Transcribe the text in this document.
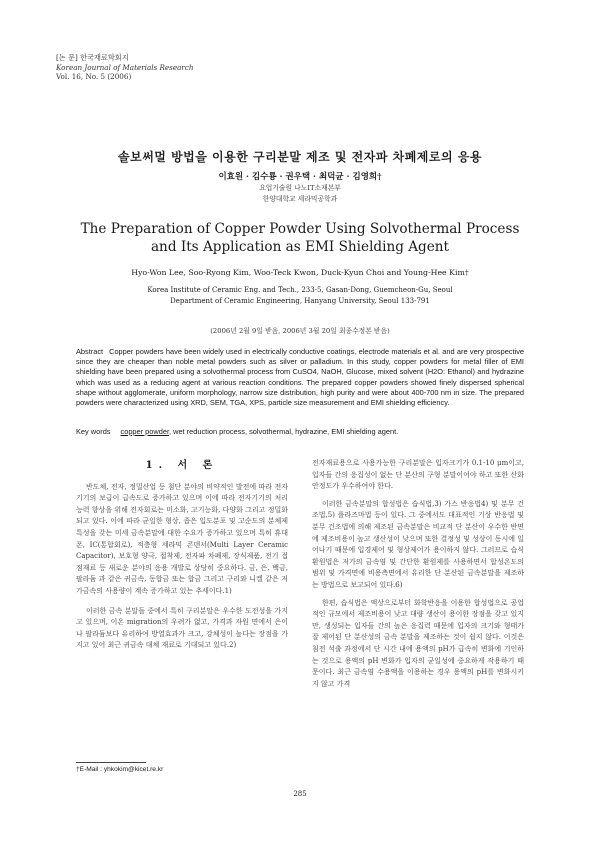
[논 문] 한국재료학회지
Korean Journal of Materials Research
Vol. 16, No. 5 (2006)
솔보써멀 방법을 이용한 구리분말 제조 및 전자파 차폐제로의 응용
이효원 · 김수룡 · 권우택 · 최덕균 · 김영희†
요업기술원 나노IT소재본부
한양대학교 세라믹공학과
The Preparation of Copper Powder Using Solvothermal Process
and Its Application as EMI Shielding Agent
Hyo-Won Lee, Soo-Ryong Kim, Woo-Teck Kwon, Duck-Kyun Choi and Young-Hee Kim†
Korea Institute of Ceramic Eng. and Tech., 233-5, Gasan-Dong, Guemcheon-Gu, Seoul
Department of Ceramic Engineering, Hanyang University, Seoul 133-791
(2006년 2월 9일 받음, 2006년 3월 20일 최종수정본 받음)
Abstract Copper powders have been widely used in electrically conductive coatings, electrode materials et al. and are very prospective since they are cheaper than noble metal powders such as silver or palladium. In this study, copper powders for metal filler of EMI shielding have been prepared using a solvothermal process from CuSO4, NaOH, Glucose, mixed solvent (H2O: Ethanol) and hydrazine which was used as a reducing agent at various reaction conditions. The prepared copper powders showed finely dispersed spherical shape without agglomerate, uniform morphology, narrow size distribution, high purity and were about 400-700 nm in size. The prepared powders were characterized using XRD, SEM, TGA, XPS, particle size measurement and EMI shielding efficiency.
Key words copper powder, wet reduction process, solvothermal, hydrazine, EMI shielding agent.
1. 서 론

반도체, 전자, 정밀산업 등 첨단 분야의 비약적인 발전에 따라 전자기기의 보급이 급속도로 증가하고 있으며 이에 따라 전자기기의 처리능력 향상을 위해 전자회로는 미소화, 고기능화, 다양화 그리고 정밀화되고 있다. 이에 따라 균일한 형상, 좁은 입도분포 및 고순도의 분체제 특성을 갖는 미세 금속분말에 대한 수요가 증가하고 있으며 특히 휴대폰, IC(통합회로), 적층형 세라믹 콘덴서(Multi Layer Ceramic Capacitor), 보호형 양극, 접착제, 전자파 차폐제, 장식제품, 전기 접점재료 등 새로운 분야의 응용 개발로 상당히 중요하다. 금, 은, 백금, 팔라듐 과 같은 귀금속, 동합금 또는 합금 그리고 구리와 니켈 같은 저가금속의 사용량이 계속 증가하고 있는 추세이다.1)

이러한 금속 분말들 중에서 특히 구리분말은 우수한 도전성을 가지고 있으며, 이온 migration의 우려가 없고, 가격과 자원 면에서 은이나 팔라듐보다 유리하여 방열효과가 크고, 강체성이 높다는 장점을 가지고 있어 최근 귀금속 대체 재료로 기대되고 있다.2)

전자재료용으로 사용가능한 구리분말은 입자크기가 0.1-10 μm이고, 입자들 간의 응집성이 없는 단 분산의 구형 분말이어야 하고 또한 산화안정도가 우수하여야 한다.

이러한 금속분말의 합성법은 습식법,3) 가스 반응법4) 및 분무 건조법,5) 플라즈마법 등이 있다. 그 중에서도 대표적인 기상 반응법 및 분무 건조법에 의해 제조된 금속분말은 비교적 단 분산이 우수한 반면에 제조비용이 높고 생산성이 낮으며 또한 결정성 및 성상이 동시에 일어나기 때문에 입경제어 및 형상제어가 용이하지 않다. 그러므로 습식환원법은 저가의 금속염 및 간단한 환원제를 사용하면서 합성온도의 범위 및 가격면에 비용측면에서 유리한 단 분산된 금속분말을 제조하는 방법으로 보고되어 있다.6)

한편, 습식법은 액상으로부터 화학반응을 이용한 합성법으로 공업적인 규모에서 제조비용이 낮고 대량 생산이 용이한 장점을 갖고 있지만, 생성되는 입자들 간의 높은 응집력 때문에 입자의 크기와 형태가 잘 제어된 단 분산성의 금속 분말을 제조하는 것이 쉽지 않다. 이것은 침전 석출 과정에서 단 시간 내에 용액의 pH가 급속히 변화에 기인하는 것으로 용액의 pH 변화가 입자의 균일성에 중요하게 작용하기 때문이다. 최근 금속염 수용액을 이용하는 경우 용액의 pH를 변화시키지 않고 가격

†E-Mail : yhkokim@kicet.re.kr
285
